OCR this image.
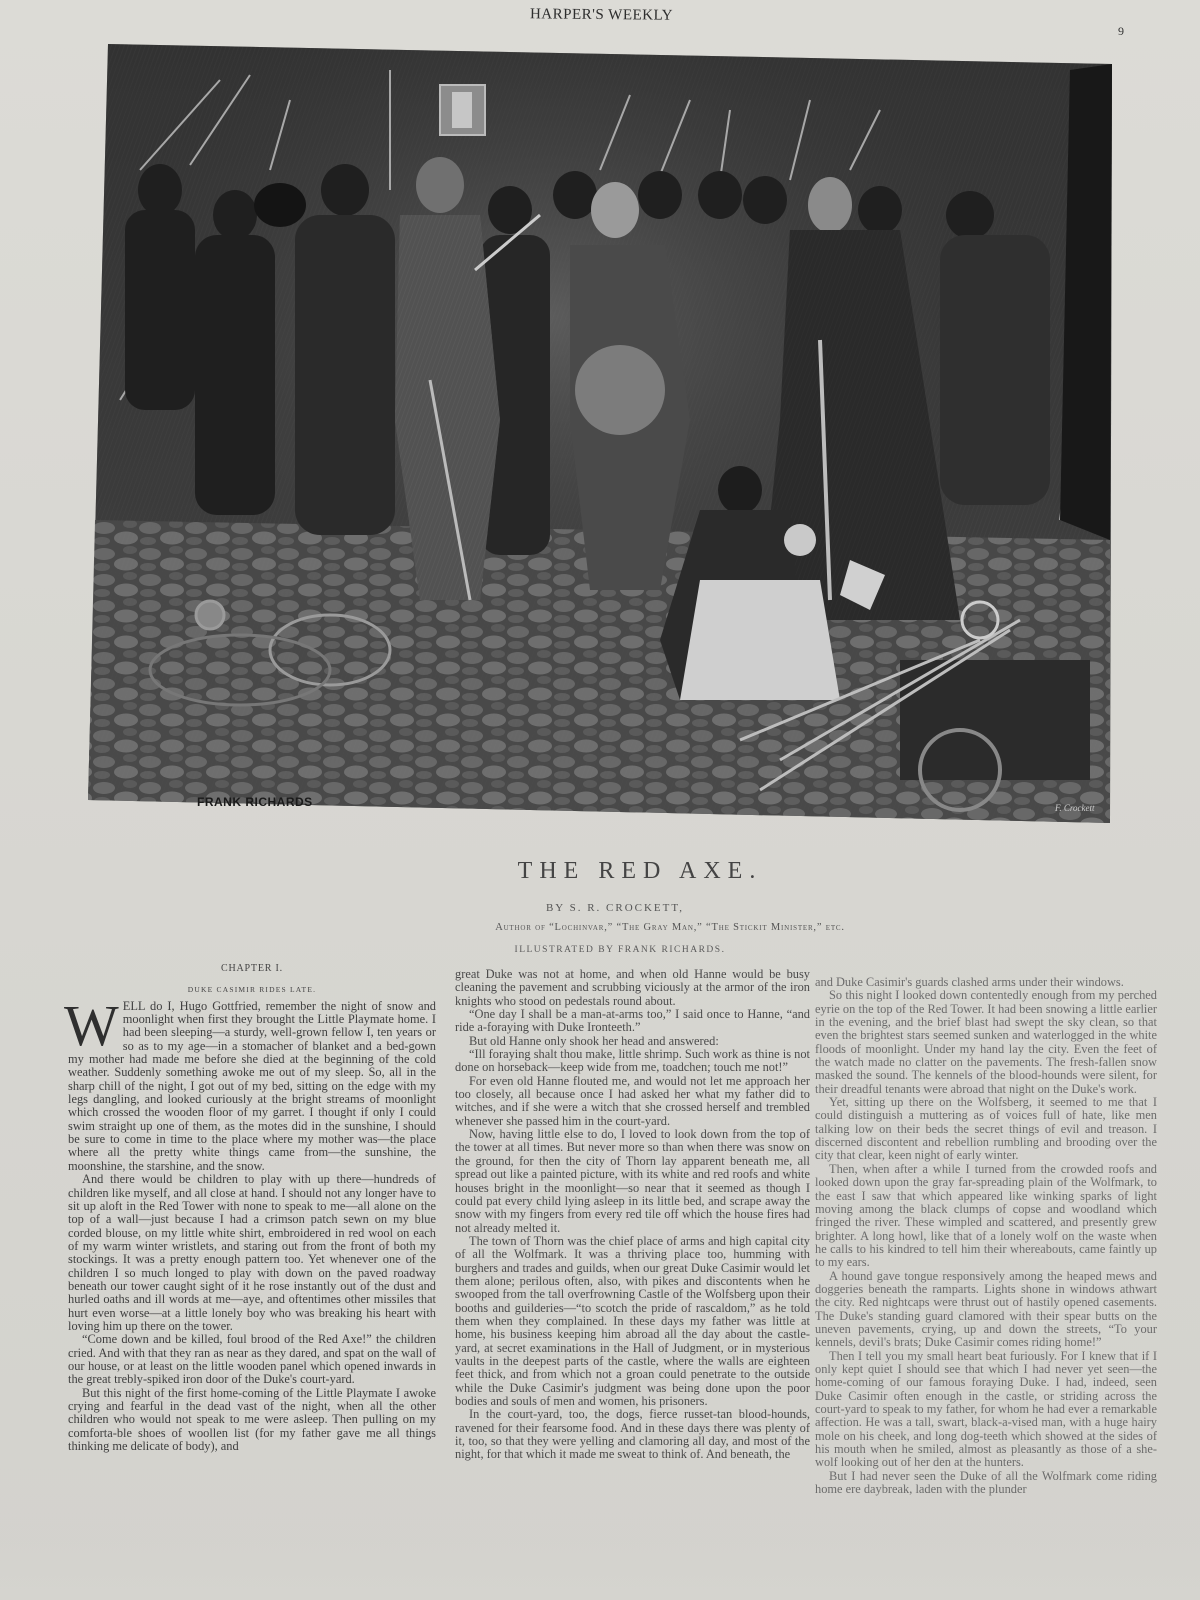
HARPER'S WEEKLY
9
FRANK RICHARDS	F. Crockett
THE RED AXE.
BY S. R. CROCKETT,
Author of “Lochinvar,” “The Gray Man,” “The Stickit Minister,” etc.
ILLUSTRATED BY FRANK RICHARDS.
CHAPTER I.
DUKE CASIMIR RIDES LATE.

WELL do I, Hugo Gottfried, remember the night of snow and moonlight when first they brought the Little Playmate home. I had been sleeping—a sturdy, well-grown fellow I, ten years or so as to my age—in a stomacher of blanket and a bed-gown my mother had made me before she died at the beginning of the cold weather. Suddenly something awoke me out of my sleep. So, all in the sharp chill of the night, I got out of my bed, sitting on the edge with my legs dangling, and looked curiously at the bright streams of moonlight which crossed the wooden floor of my garret. I thought if only I could swim straight up one of them, as the motes did in the sunshine, I should be sure to come in time to the place where my mother was—the place where all the pretty white things came from—the sunshine, the moonshine, the starshine, and the snow.

And there would be children to play with up there—hundreds of children like myself, and all close at hand. I should not any longer have to sit up aloft in the Red Tower with none to speak to me—all alone on the top of a wall—just because I had a crimson patch sewn on my blue corded blouse, on my little white shirt, embroidered in red wool on each of my warm winter wristlets, and staring out from the front of both my stockings. It was a pretty enough pattern too. Yet whenever one of the children I so much longed to play with down on the paved roadway beneath our tower caught sight of it he rose instantly out of the dust and hurled oaths and ill words at me—aye, and oftentimes other missiles that hurt even worse—at a little lonely boy who was breaking his heart with loving him up there on the tower.

“Come down and be killed, foul brood of the Red Axe!” the children cried. And with that they ran as near as they dared, and spat on the wall of our house, or at least on the little wooden panel which opened inwards in the great trebly-spiked iron door of the Duke's court-yard.

But this night of the first home-coming of the Little Playmate I awoke crying and fearful in the dead vast of the night, when all the other children who would not speak to me were asleep. Then pulling on my comforta-ble shoes of woollen list (for my father gave me all things thinking me delicate of body), and

great Duke was not at home, and when old Hanne would be busy cleaning the pavement and scrubbing viciously at the armor of the iron knights who stood on pedestals round about.

“One day I shall be a man-at-arms too,” I said once to Hanne, “and ride a-foraying with Duke Ironteeth.”

But old Hanne only shook her head and answered:

“Ill foraying shalt thou make, little shrimp. Such work as thine is not done on horseback—keep wide from me, toadchen; touch me not!”

For even old Hanne flouted me, and would not let me approach her too closely, all because once I had asked her what my father did to witches, and if she were a witch that she crossed herself and trembled whenever she passed him in the court-yard.

Now, having little else to do, I loved to look down from the top of the tower at all times. But never more so than when there was snow on the ground, for then the city of Thorn lay apparent beneath me, all spread out like a painted picture, with its white and red roofs and white houses bright in the moonlight—so near that it seemed as though I could pat every child lying asleep in its little bed, and scrape away the snow with my fingers from every red tile off which the house fires had not already melted it.

The town of Thorn was the chief place of arms and high capital city of all the Wolfmark. It was a thriving place too, humming with burghers and trades and guilds, when our great Duke Casimir would let them alone; perilous often, also, with pikes and discontents when he swooped from the tall overfrowning Castle of the Wolfsberg upon their booths and guilderies—“to scotch the pride of rascaldom,” as he told them when they complained. In these days my father was little at home, his business keeping him abroad all the day about the castle-yard, at secret examinations in the Hall of Judgment, or in mysterious vaults in the deepest parts of the castle, where the walls are eighteen feet thick, and from which not a groan could penetrate to the outside while the Duke Casimir's judgment was being done upon the poor bodies and souls of men and women, his prisoners.

In the court-yard, too, the dogs, fierce russet-tan blood-hounds, ravened for their fearsome food. And in these days there was plenty of it, too, so that they were yelling and clamoring all day, and most of the night, for that which it made me sweat to think of. And beneath, the

and Duke Casimir's guards clashed arms under their windows.

So this night I looked down contentedly enough from my perched eyrie on the top of the Red Tower. It had been snowing a little earlier in the evening, and the brief blast had swept the sky clean, so that even the brightest stars seemed sunken and waterlogged in the white floods of moonlight. Under my hand lay the city. Even the feet of the watch made no clatter on the pavements. The fresh-fallen snow masked the sound. The kennels of the blood-hounds were silent, for their dreadful tenants were abroad that night on the Duke's work.

Yet, sitting up there on the Wolfsberg, it seemed to me that I could distinguish a muttering as of voices full of hate, like men talking low on their beds the secret things of evil and treason. I discerned discontent and rebellion rumbling and brooding over the city that clear, keen night of early winter.

Then, when after a while I turned from the crowded roofs and looked down upon the gray far-spreading plain of the Wolfmark, to the east I saw that which appeared like winking sparks of light moving among the black clumps of copse and woodland which fringed the river. These wimpled and scattered, and presently grew brighter. A long howl, like that of a lonely wolf on the waste when he calls to his kindred to tell him their whereabouts, came faintly up to my ears.

A hound gave tongue responsively among the heaped mews and doggeries beneath the ramparts. Lights shone in windows athwart the city. Red nightcaps were thrust out of hastily opened casements. The Duke's standing guard clamored with their spear butts on the uneven pavements, crying, up and down the streets, “To your kennels, devil's brats; Duke Casimir comes riding home!”

Then I tell you my small heart beat furiously. For I knew that if I only kept quiet I should see that which I had never yet seen—the home-coming of our famous foraying Duke. I had, indeed, seen Duke Casimir often enough in the castle, or striding across the court-yard to speak to my father, for whom he had ever a remarkable affection. He was a tall, swart, black-a-vised man, with a huge hairy mole on his cheek, and long dog-teeth which showed at the sides of his mouth when he smiled, almost as pleasantly as those of a she-wolf looking out of her den at the hunters.

But I had never seen the Duke of all the Wolfmark come riding home ere daybreak, laden with the plunder
